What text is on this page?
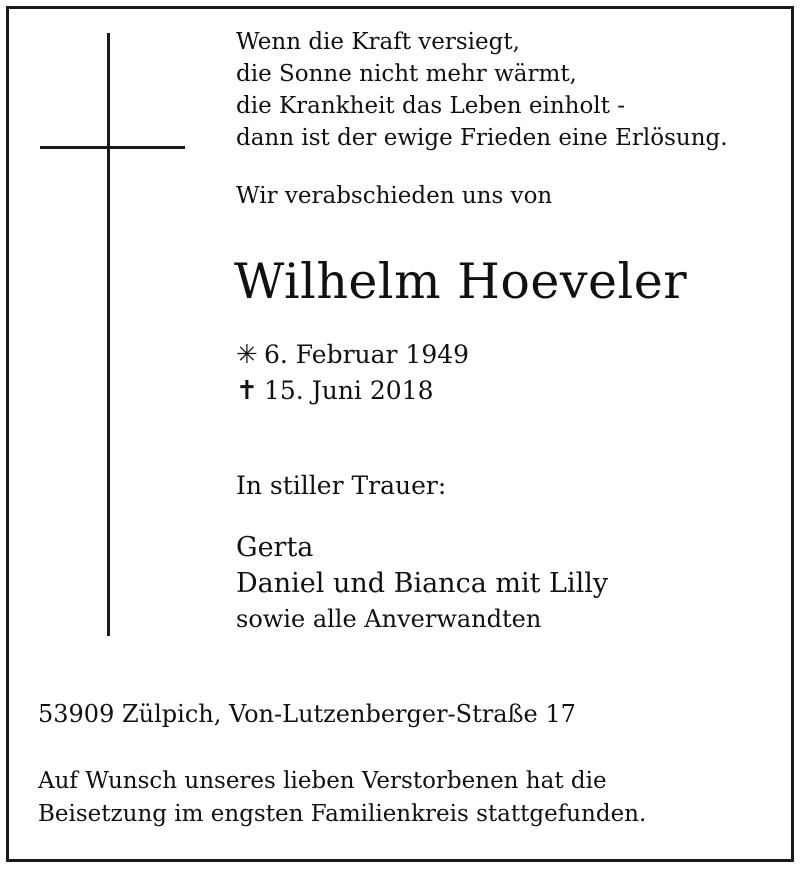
Wenn die Kraft versiegt,
die Sonne nicht mehr wärmt,
die Krankheit das Leben einholt -
dann ist der ewige Frieden eine Erlösung.
Wir verabschieden uns von
Wilhelm Hoeveler
✳ 6. Februar 1949
✝ 15. Juni 2018
In stiller Trauer:
Gerta
Daniel und Bianca mit Lilly
sowie alle Anverwandten
53909 Zülpich, Von-Lutzenberger-Straße 17
Auf Wunsch unseres lieben Verstorbenen hat die
Beisetzung im engsten Familienkreis stattgefunden.
